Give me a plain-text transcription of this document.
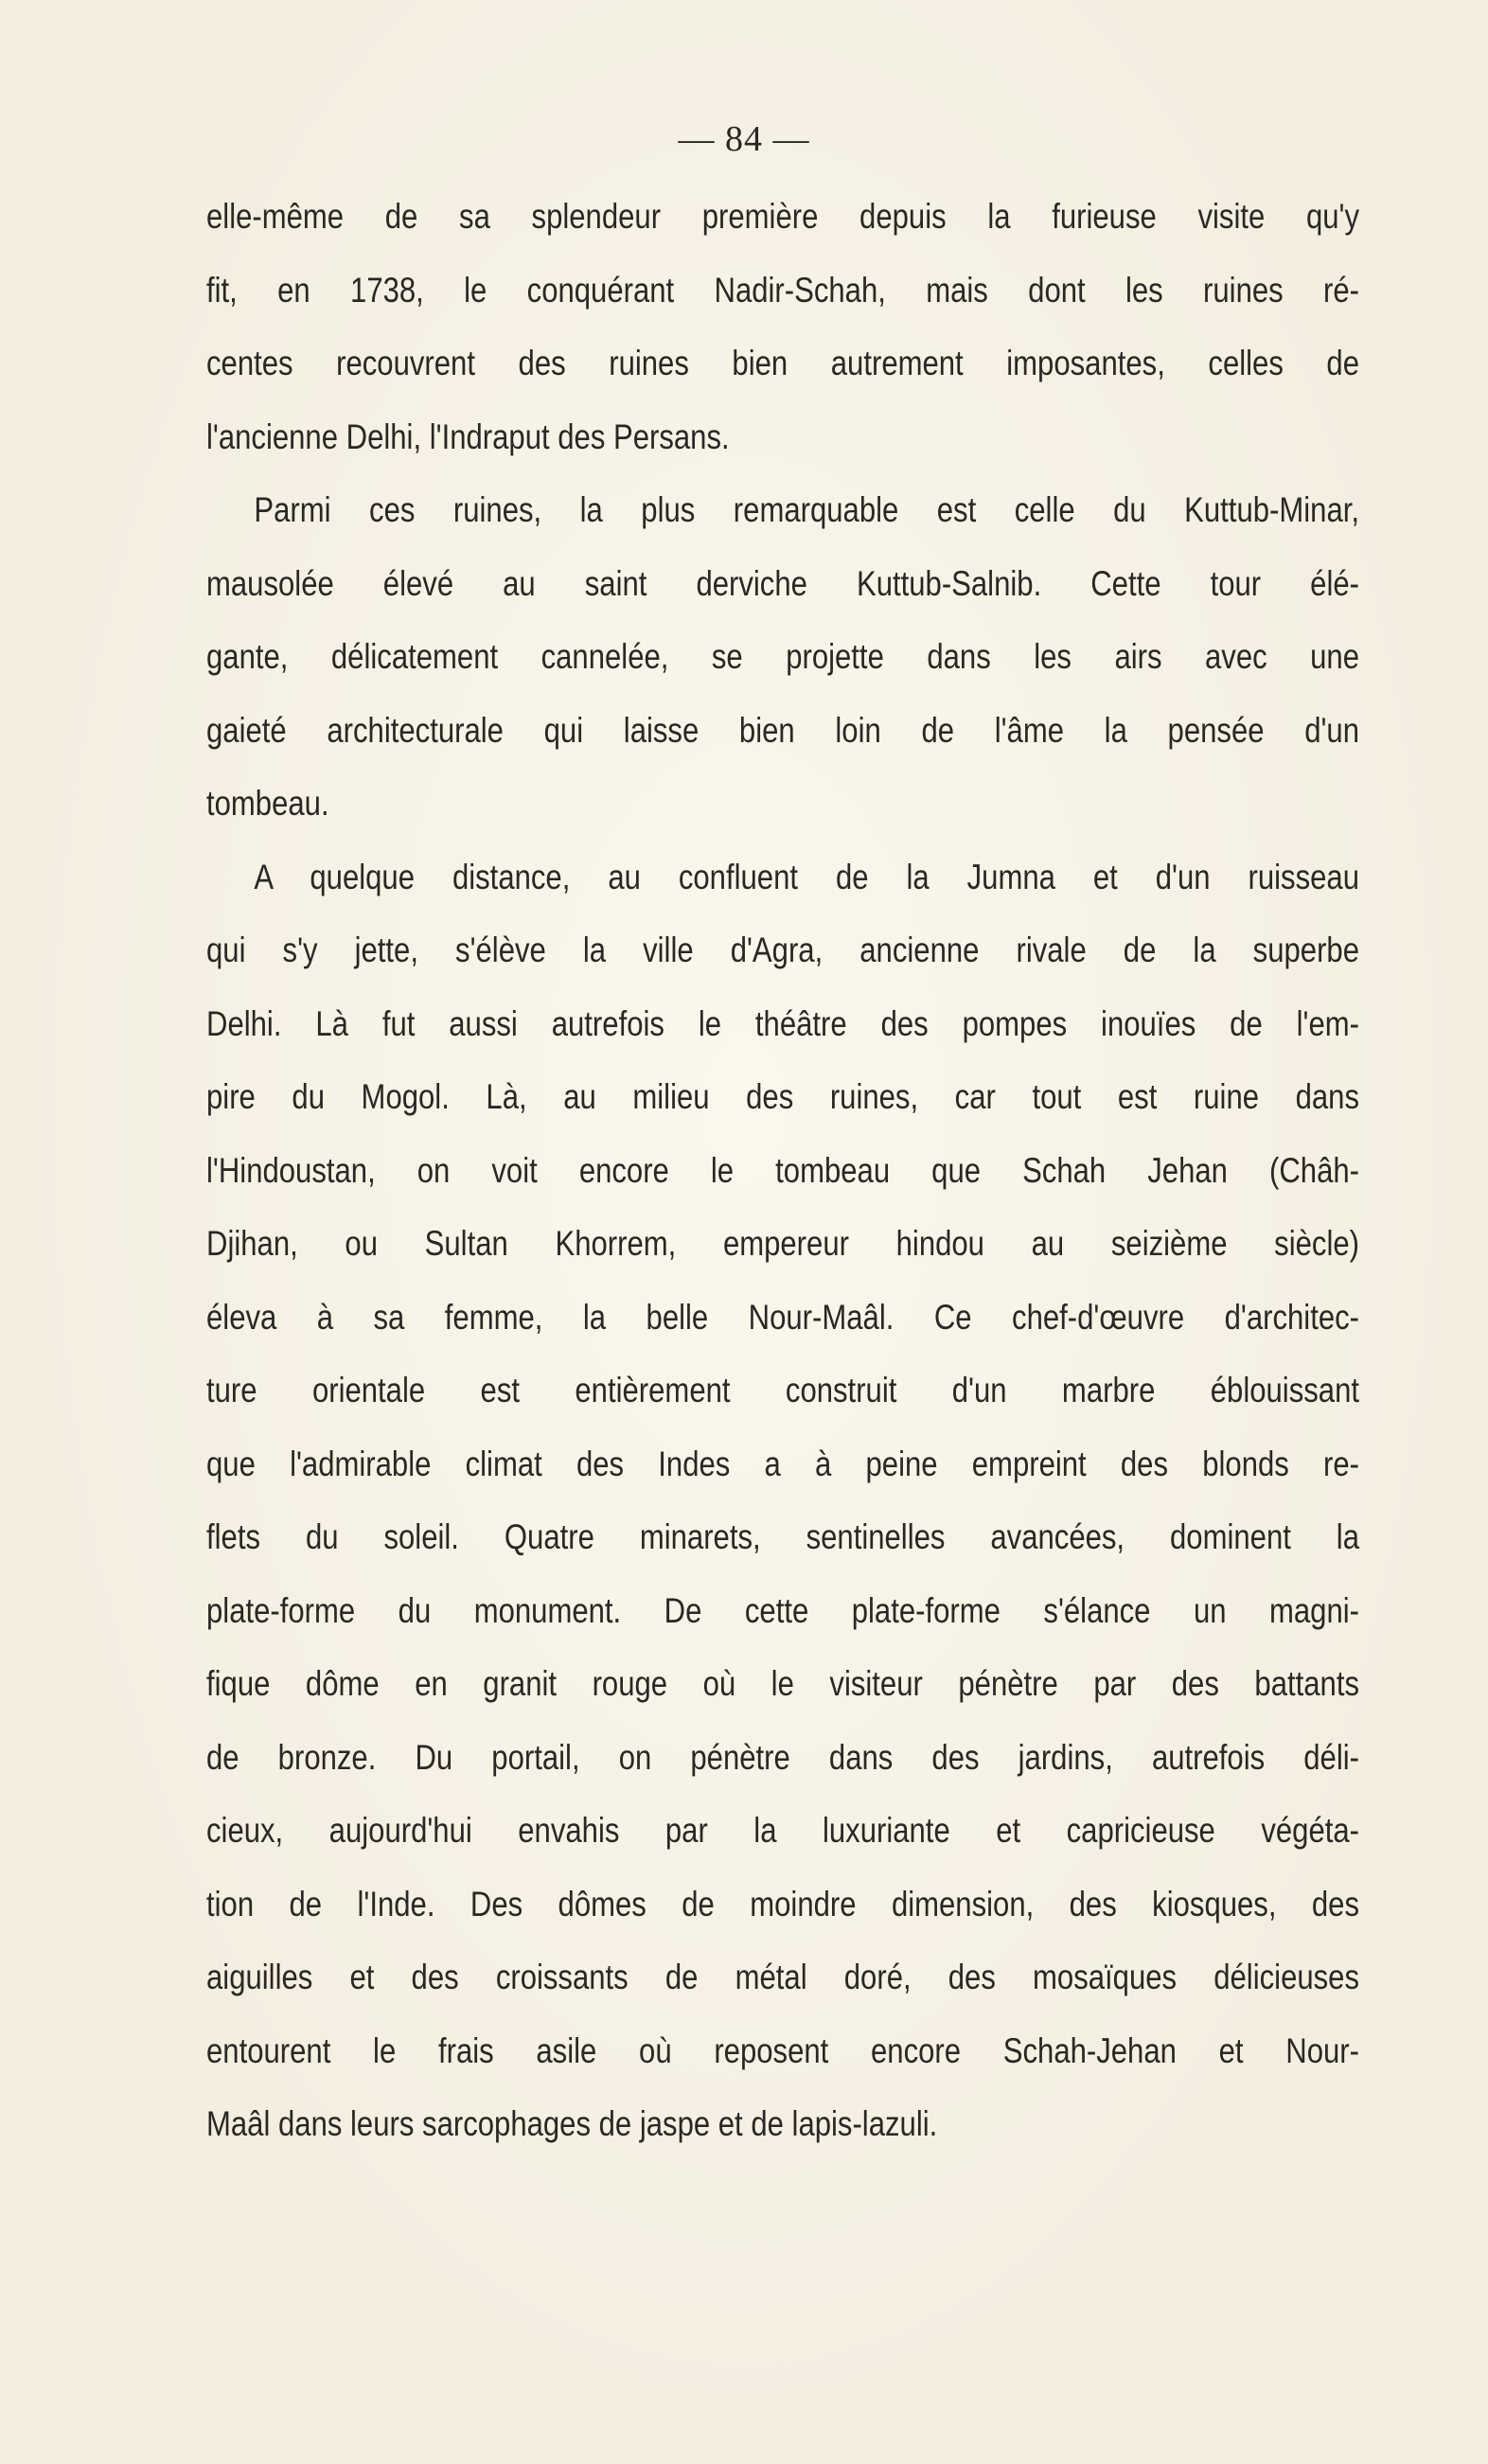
— 84 —
elle-même de sa splendeur première depuis la furieuse visite qu'y
fit, en 1738, le conquérant Nadir-Schah, mais dont les ruines ré-
centes recouvrent des ruines bien autrement imposantes, celles de
l'ancienne Delhi, l'Indraput des Persans.
Parmi ces ruines, la plus remarquable est celle du Kuttub-Minar,
mausolée élevé au saint derviche Kuttub-Salnib. Cette tour élé-
gante, délicatement cannelée, se projette dans les airs avec une
gaieté architecturale qui laisse bien loin de l'âme la pensée d'un
tombeau.
A quelque distance, au confluent de la Jumna et d'un ruisseau
qui s'y jette, s'élève la ville d'Agra, ancienne rivale de la superbe
Delhi. Là fut aussi autrefois le théâtre des pompes inouïes de l'em-
pire du Mogol. Là, au milieu des ruines, car tout est ruine dans
l'Hindoustan, on voit encore le tombeau que Schah Jehan (Châh-
Djihan, ou Sultan Khorrem, empereur hindou au seizième siècle)
éleva à sa femme, la belle Nour-Maâl. Ce chef-d'œuvre d'architec-
ture orientale est entièrement construit d'un marbre éblouissant
que l'admirable climat des Indes a à peine empreint des blonds re-
flets du soleil. Quatre minarets, sentinelles avancées, dominent la
plate-forme du monument. De cette plate-forme s'élance un magni-
fique dôme en granit rouge où le visiteur pénètre par des battants
de bronze. Du portail, on pénètre dans des jardins, autrefois déli-
cieux, aujourd'hui envahis par la luxuriante et capricieuse végéta-
tion de l'Inde. Des dômes de moindre dimension, des kiosques, des
aiguilles et des croissants de métal doré, des mosaïques délicieuses
entourent le frais asile où reposent encore Schah-Jehan et Nour-
Maâl dans leurs sarcophages de jaspe et de lapis-lazuli.
